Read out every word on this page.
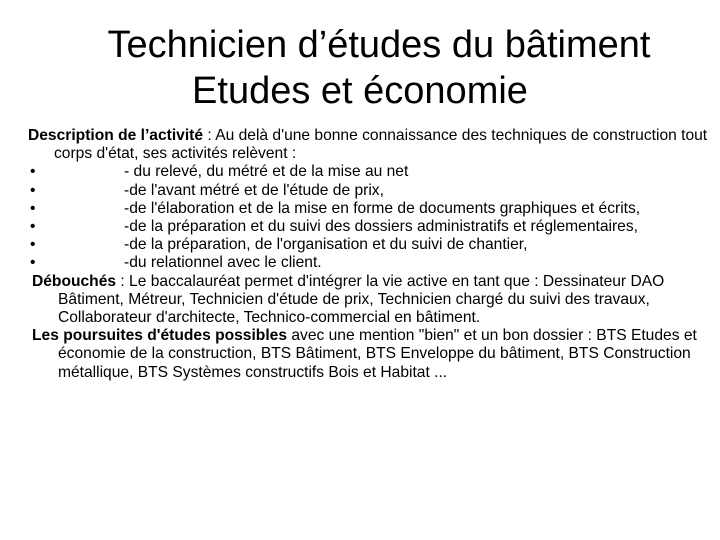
Technicien d’études du bâtiment
Etudes et économie

Description de l’activité : Au delà d'une bonne connaissance des techniques de construction tout corps d'état, ses activités relèvent :

•	- du relevé, du métré et de la mise au net
•	-de l'avant métré et de l'étude de prix,
•	-de l'élaboration et de la mise en forme de documents graphiques et écrits,
•	-de la préparation et du suivi des dossiers administratifs et réglementaires,
•	-de la préparation, de l'organisation et du suivi de chantier,
•	-du relationnel avec le client.

Débouchés : Le baccalauréat permet d'intégrer la vie active en tant que : Dessinateur DAO Bâtiment, Métreur, Technicien d'étude de prix, Technicien chargé du suivi des travaux, Collaborateur d'architecte, Technico-commercial en bâtiment.

Les poursuites d'études possibles avec une mention "bien" et un bon dossier : BTS Etudes et économie de la construction, BTS Bâtiment, BTS Enveloppe du bâtiment, BTS Construction métallique, BTS Systèmes constructifs Bois et Habitat ...
